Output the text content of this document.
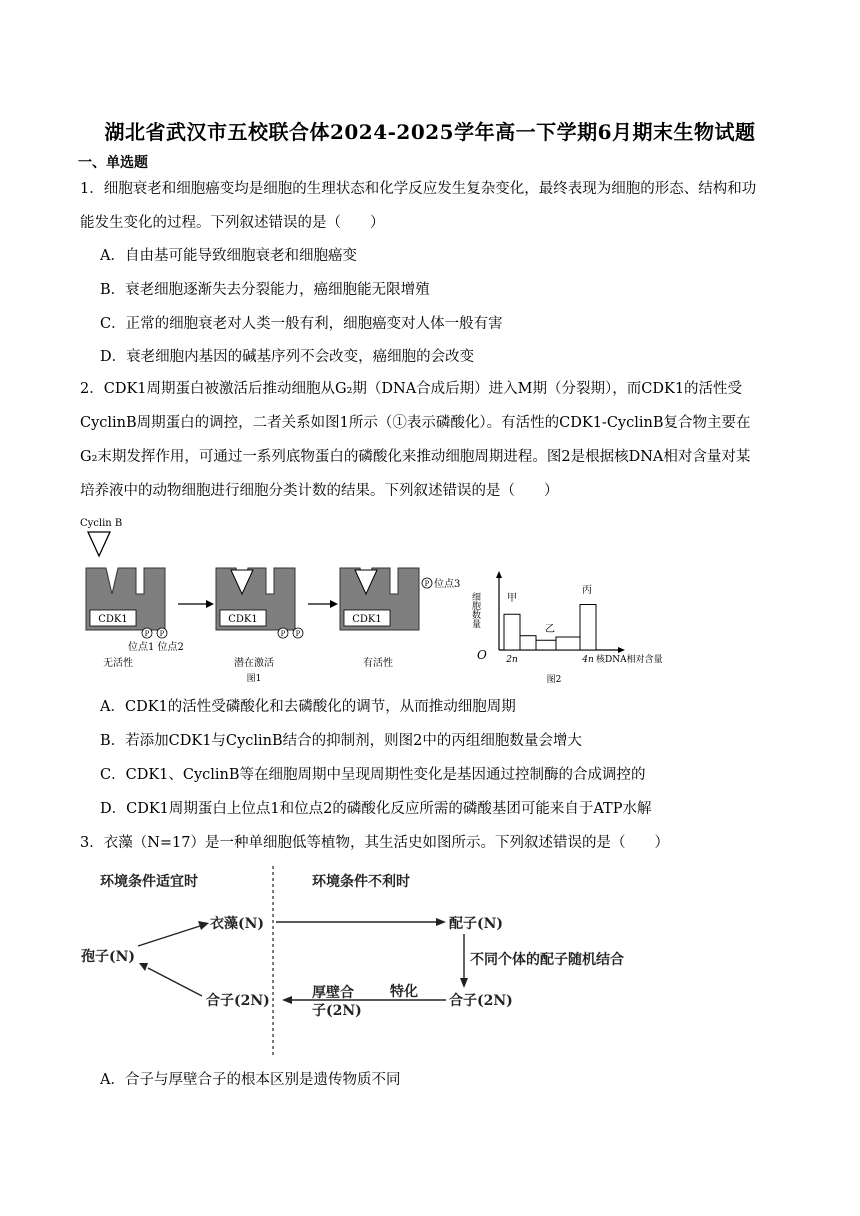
湖北省武汉市五校联合体2024-2025学年高一下学期6月期末生物试题
一、单选题
1．细胞衰老和细胞癌变均是细胞的生理状态和化学反应发生复杂变化，最终表现为细胞的形态、结构和功
能发生变化的过程。下列叙述错误的是（　　）
A．自由基可能导致细胞衰老和细胞癌变
B．衰老细胞逐渐失去分裂能力，癌细胞能无限增殖
C．正常的细胞衰老对人类一般有利，细胞癌变对人体一般有害
D．衰老细胞内基因的碱基序列不会改变，癌细胞的会改变
2．CDK1周期蛋白被激活后推动细胞从G₂期（DNA合成后期）进入M期（分裂期），而CDK1的活性受
CyclinB周期蛋白的调控，二者关系如图1所示（①表示磷酸化）。有活性的CDK1-CyclinB复合物主要在
G₂末期发挥作用，可通过一系列底物蛋白的磷酸化来推动细胞周期进程。图2是根据核DNA相对含量对某
培养液中的动物细胞进行细胞分类计数的结果。下列叙述错误的是（　　）
Cyclin B
CDK1
P P
位点1 位点2
无活性
CDK1
P P
潜在激活
图1
CDK1
P 位点3
有活性
细胞数量
O
甲
乙
丙
2n	4n 核DNA相对含量
图2
A．CDK1的活性受磷酸化和去磷酸化的调节，从而推动细胞周期
B．若添加CDK1与CyclinB结合的抑制剂，则图2中的丙组细胞数量会增大
C．CDK1、CyclinB等在细胞周期中呈现周期性变化是基因通过控制酶的合成调控的
D．CDK1周期蛋白上位点1和位点2的磷酸化反应所需的磷酸基团可能来自于ATP水解
3．衣藻（N=17）是一种单细胞低等植物，其生活史如图所示。下列叙述错误的是（　　）
环境条件适宜时	环境条件不利时
衣藻(N)	配子(N)
孢子(N)	不同个体的配子随机结合
合子(2N)	厚壁合
子(2N)
特化
合子(2N)
A．合子与厚壁合子的根本区别是遗传物质不同
